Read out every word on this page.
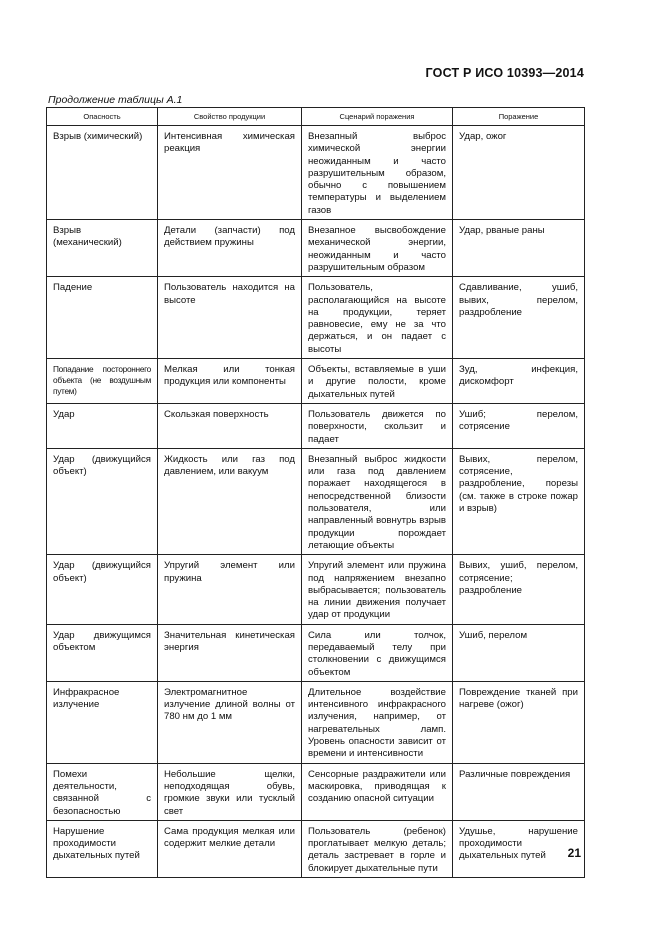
ГОСТ Р ИСО 10393—2014
Продолжение таблицы А.1
Опасность	Свойство продукции	Сценарий поражения	Поражение
Взрыв (химический)	Интенсивная химическая реакция	Внезапный выброс химической энергии неожиданным и часто разрушительным образом, обычно с повышением температуры и выделением газов	Удар, ожог
Взрыв (механический)	Детали (запчасти) под действием пружины	Внезапное высвобождение механической энергии, неожиданным и часто разрушительным образом	Удар, рваные раны
Падение	Пользователь находится на высоте	Пользователь, располагающийся на высоте на продукции, теряет равновесие, ему не за что держаться, и он падает с высоты	Сдавливание, ушиб, вывих, перелом, раздробление
Попадание постороннего объекта (не воздушным путем)	Мелкая или тонкая продукция или компоненты	Объекты, вставляемые в уши и другие полости, кроме дыхательных путей	Зуд, инфекция, дискомфорт
Удар	Скользкая поверхность	Пользователь движется по поверхности, скользит и падает	Ушиб; перелом, сотрясение
Удар (движущийся объект)	Жидкость или газ под давлением, или вакуум	Внезапный выброс жидкости или газа под давлением поражает находящегося в непосредственной близости пользователя, или направленный вовнутрь взрыв продукции порождает летающие объекты	Вывих, перелом, сотрясение, раздробление, порезы (см. также в строке пожар и взрыв)
Удар (движущийся объект)	Упругий элемент или пружина	Упругий элемент или пружина под напряжением внезапно выбрасывается; пользователь на линии движения получает удар от продукции	Вывих, ушиб, перелом, сотрясение; раздробление
Удар движущимся объектом	Значительная кинетическая энергия	Сила или толчок, передаваемый телу при столкновении с движущимся объектом	Ушиб, перелом
Инфракрасное излучение	Электромагнитное излучение длиной волны от 780 нм до 1 мм	Длительное воздействие интенсивного инфракрасного излучения, например, от нагревательных ламп. Уровень опасности зависит от времени и интенсивности	Повреждение тканей при нагреве (ожог)
Помехи деятельности, связанной с безопасностью	Небольшие щелки, неподходящая обувь, громкие звуки или тусклый свет	Сенсорные раздражители или маскировка, приводящая к созданию опасной ситуации	Различные повреждения
Нарушение проходимости дыхательных путей	Сама продукция мелкая или содержит мелкие детали	Пользователь (ребенок) проглатывает мелкую деталь; деталь застревает в горле и блокирует дыхательные пути	Удушье, нарушение проходимости дыхательных путей 21
